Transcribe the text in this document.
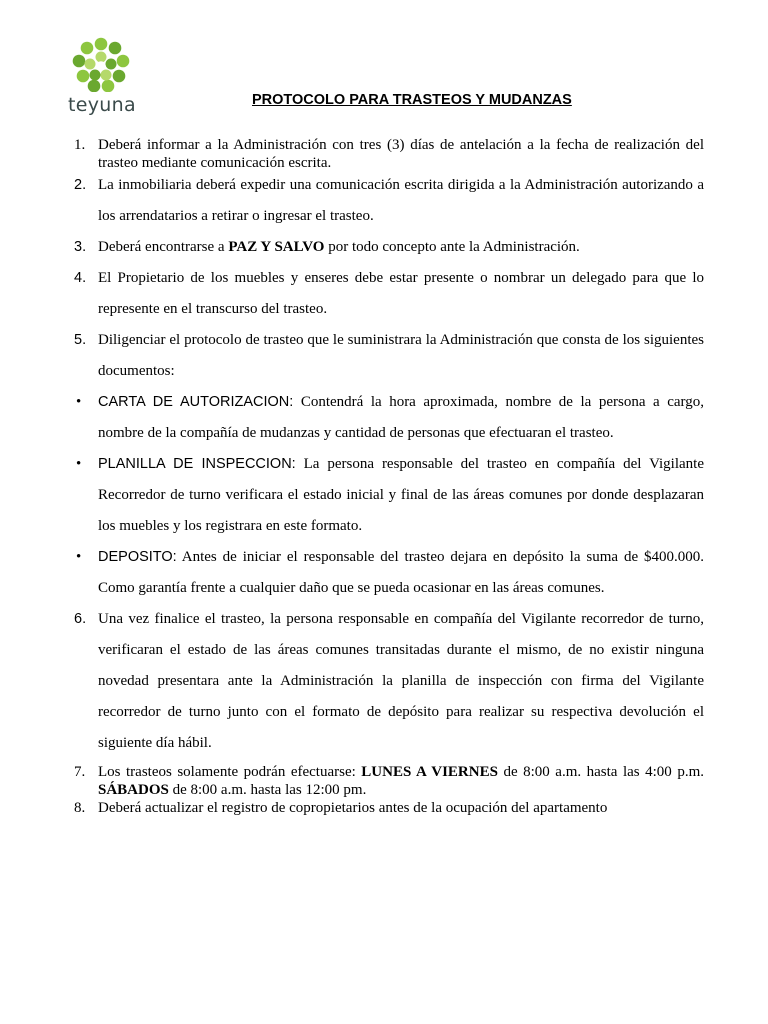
teyuna	PROTOCOLO PARA TRASTEOS Y MUDANZAS
1. Deberá informar a la Administración con tres (3) días de antelación a la fecha de realización del trasteo mediante comunicación escrita.
2. La inmobiliaria deberá expedir una comunicación escrita dirigida a la Administración autorizando a los arrendatarios a retirar o ingresar el trasteo.
3. Deberá encontrarse a PAZ Y SALVO por todo concepto ante la Administración.
4. El Propietario de los muebles y enseres debe estar presente o nombrar un delegado para que lo represente en el transcurso del trasteo.
5. Diligenciar el protocolo de trasteo que le suministrara la Administración que consta de los siguientes documentos:
• CARTA DE AUTORIZACION: Contendrá la hora aproximada, nombre de la persona a cargo, nombre de la compañía de mudanzas y cantidad de personas que efectuaran el trasteo.
• PLANILLA DE INSPECCION: La persona responsable del trasteo en compañía del Vigilante Recorredor de turno verificara el estado inicial y final de las áreas comunes por donde desplazaran los muebles y los registrara en este formato.
• DEPOSITO: Antes de iniciar el responsable del trasteo dejara en depósito la suma de $400.000. Como garantía frente a cualquier daño que se pueda ocasionar en las áreas comunes.
6. Una vez finalice el trasteo, la persona responsable en compañía del Vigilante recorredor de turno, verificaran el estado de las áreas comunes transitadas durante el mismo, de no existir ninguna novedad presentara ante la Administración la planilla de inspección con firma del Vigilante recorredor de turno junto con el formato de depósito para realizar su respectiva devolución el siguiente día hábil.
7. Los trasteos solamente podrán efectuarse: LUNES A VIERNES de 8:00 a.m. hasta las 4:00 p.m.    SÁBADOS de 8:00 a.m. hasta las 12:00 pm.
8. Deberá actualizar el registro de copropietarios antes de la ocupación del apartamento
